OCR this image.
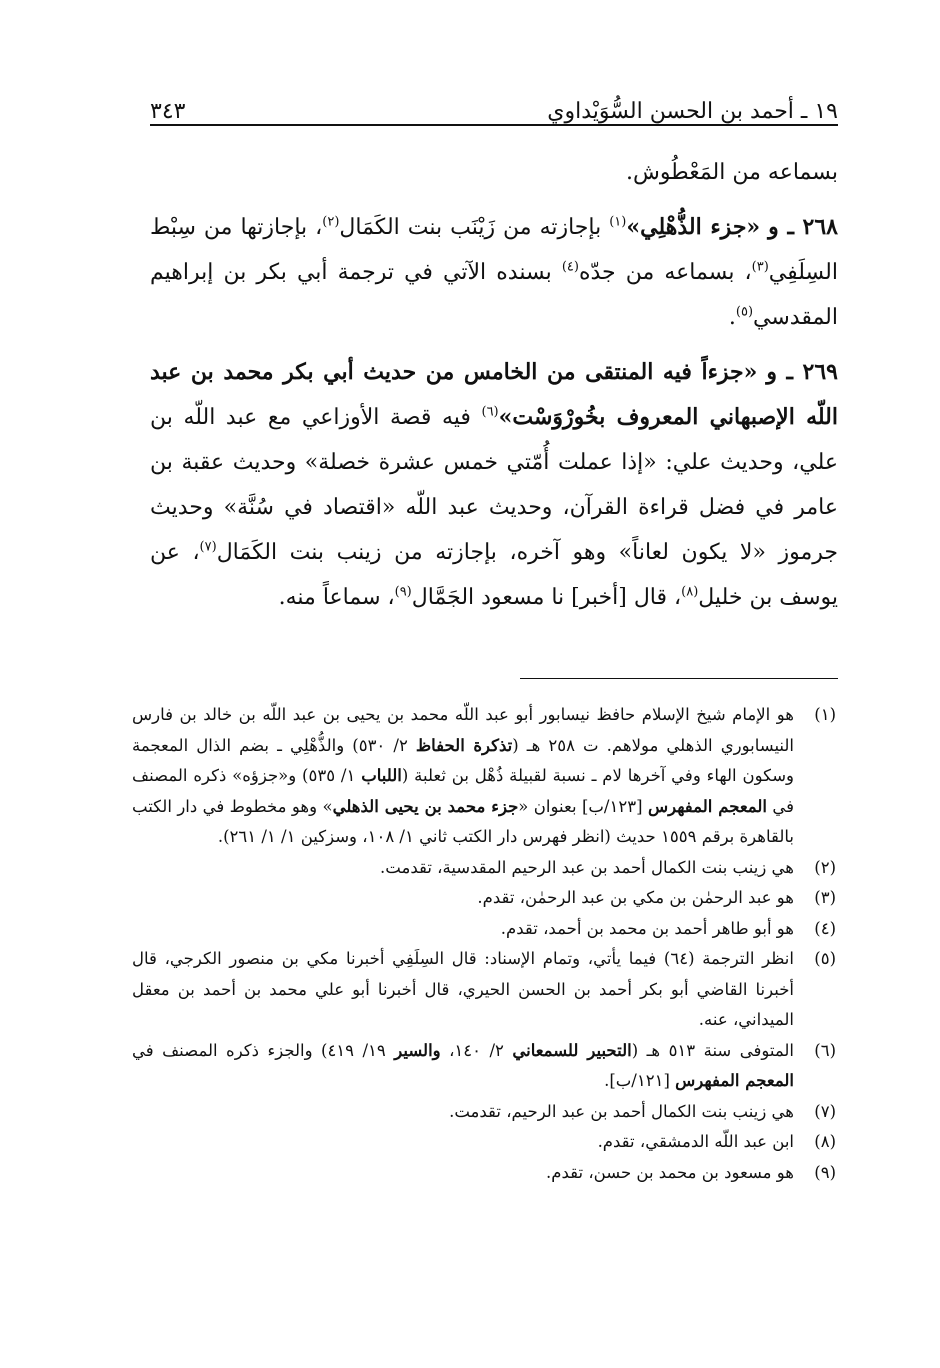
١٩ ـ أحمد بن الحسن السُّوَيْداوي
٣٤٣

بسماعه من المَعْطُوش.

٢٦٨ ـ و «جزء الذُّهْلِي»$^{(١)}$ بإجازته من زَيْنَب بنت الكَمَال$^{(٢)}$، بإجازتها من سِبْط السِلَفِي$^{(٣)}$، بسماعه من جدّه$^{(٤)}$ بسنده الآتي في ترجمة أبي بكر بن إبراهيم المقدسي$^{(٥)}$.

٢٦٩ ـ و «جزءاً فيه المنتقى من الخامس من حديث أبي بكر محمد بن عبد اللّه الإصبهاني المعروف بخُورْوَسْت»$^{(٦)}$ فيه قصة الأوزاعي مع عبد اللّه بن علي، وحديث علي: «إذا عملت أُمّتي خمس عشرة خصلة» وحديث عقبة بن عامر في فضل قراءة القرآن، وحديث عبد اللّه «اقتصاد في سُنَّة» وحديث جرموز «لا يكون لعاناً» وهو آخره، بإجازته من زينب بنت الكَمَال$^{(٧)}$، عن يوسف بن خليل$^{(٨)}$، قال [أخبر] نا مسعود الجَمَّال$^{(٩)}$، سماعاً منه.

(١)
هو الإمام شيخ الإسلام حافظ نيسابور أبو عبد اللّه محمد بن يحيى بن عبد اللّه بن خالد بن فارس النيسابوري الذهلي مولاهم. ت ٢٥٨ هـ (تذكرة الحفاظ ٢/ ٥٣٠) والذُّهْلِي ـ بضم الذال المعجمة وسكون الهاء وفي آخرها لام ـ نسبة لقبيلة ذُهْل بن ثعلبة (اللباب ١/ ٥٣٥) و«جزؤه» ذكره المصنف في المعجم المفهرس [١٢٣/ب] بعنوان «جزء محمد بن يحيى الذهلي» وهو مخطوط في دار الكتب بالقاهرة برقم ١٥٥٩ حديث (انظر فهرس دار الكتب ثاني ١/ ١٠٨، وسزكين ١/ ١/ ٢٦١).
(٢)
هي زينب بنت الكمال أحمد بن عبد الرحيم المقدسية، تقدمت.
(٣)
هو عبد الرحمٰن بن مكي بن عبد الرحمٰن، تقدم.
(٤)
هو أبو طاهر أحمد بن محمد بن أحمد، تقدم.
(٥)
انظر الترجمة (٦٤) فيما يأتي، وتمام الإسناد: قال السِلَفِي أخبرنا مكي بن منصور الكرجي، قال أخبرنا القاضي أبو بكر أحمد بن الحسن الحيري، قال أخبرنا أبو علي محمد بن أحمد بن معقل الميداني، عنه.
(٦)
المتوفى سنة ٥١٣ هـ (التحبير للسمعاني ٢/ ١٤٠، والسير ١٩/ ٤١٩) والجزء ذكره المصنف في المعجم المفهرس [١٢١/ب].
(٧)
هي زينب بنت الكمال أحمد بن عبد الرحيم، تقدمت.
(٨)
ابن عبد اللّه الدمشقي، تقدم.
(٩)
هو مسعود بن محمد بن حسن، تقدم.
